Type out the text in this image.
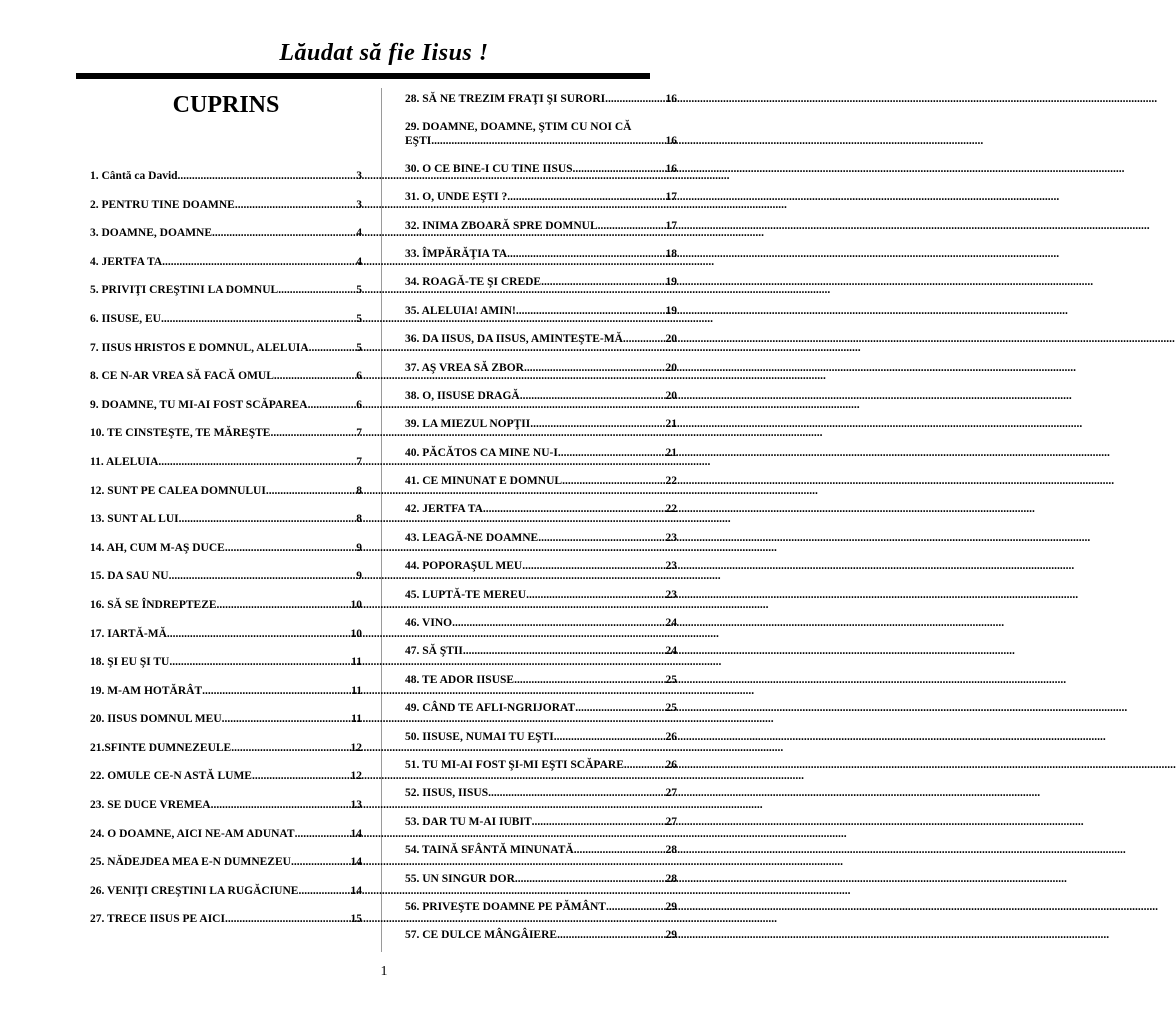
Lăudat să fie Iisus !
CUPRINS
1. Cântă ca David .....	3
2. PENTRU TINE DOAMNE .....	3
3. DOAMNE, DOAMNE .....	4
4. JERTFA TA .....	4
5. PRIVIŢI CREŞTINI LA DOMNUL .....	5
6. IISUSE, EU .....	5
7. IISUS HRISTOS E DOMNUL, ALELUIA .....	5
8. CE N-AR VREA SĂ FACĂ OMUL .....	6
9. DOAMNE, TU MI-AI FOST SCĂPAREA .....	6
10. TE CINSTEŞTE, TE MĂREŞTE .....	7
11. ALELUIA .....	7
12. SUNT PE CALEA DOMNULUI .....	8
13. SUNT AL LUI .....	8
14. AH, CUM M-AŞ DUCE .....	9
15. DA SAU NU .....	9
16. SĂ SE ÎNDREPTEZE .....	10
17. IARTĂ-MĂ .....	10
18. ŞI EU ŞI TU .....	11
19. M-AM HOTĂRÂT .....	11
20. IISUS DOMNUL MEU .....	11
21.SFINTE DUMNEZEULE .....	12
22. OMULE CE-N ASTĂ LUME .....	12
23. SE DUCE VREMEA .....	13
24. O DOAMNE, AICI NE-AM ADUNAT .....	14
25. NĂDEJDEA MEA E-N DUMNEZEU .....	14
26. VENIŢI CREŞTINI LA RUGĂCIUNE .....	14
27. TRECE IISUS PE AICI .....	15
28. SĂ NE TREZIM FRAŢI ŞI SURORI .....	16
29. DOAMNE, DOAMNE, ŞTIM CU NOI CĂ
EŞTI .....	16
30. O CE BINE-I CU TINE IISUS .....	16
31. O, UNDE EŞTI ? .....	17
32. INIMA ZBOARĂ SPRE DOMNUL .....	17
33. ÎMPĂRĂŢIA TA .....	18
34. ROAGĂ-TE ŞI CREDE .....	19
35. ALELUIA! AMIN! .....	19
36. DA IISUS, DA IISUS, AMINTEŞTE-MĂ .....	20
37. AŞ VREA SĂ ZBOR .....	20
38. O, IISUSE DRAGĂ .....	20
39. LA MIEZUL NOPŢII .....	21
40. PĂCĂTOS CA MINE NU-I .....	21
41. CE MINUNAT E DOMNUL .....	22
42. JERTFA TA .....	22
43. LEAGĂ-NE DOAMNE .....	23
44. POPORAŞUL MEU .....	23
45. LUPTĂ-TE MEREU .....	23
46. VINO .....	24
47. SĂ ŞTII .....	24
48. TE ADOR IISUSE .....	25
49. CÂND TE AFLI-NGRIJORAT .....	25
50. IISUSE, NUMAI TU EŞTI .....	26
51. TU MI-AI FOST ŞI-MI EŞTI SCĂPARE .....	26
52. IISUS, IISUS .....	27
53. DAR TU M-AI IUBIT .....	27
54. TAINĂ SFÂNTĂ MINUNATĂ .....	28
55. UN SINGUR DOR .....	28
56. PRIVEŞTE DOAMNE PE PĂMÂNT .....	29
57. CE DULCE MÂNGÂIERE .....	29
1
